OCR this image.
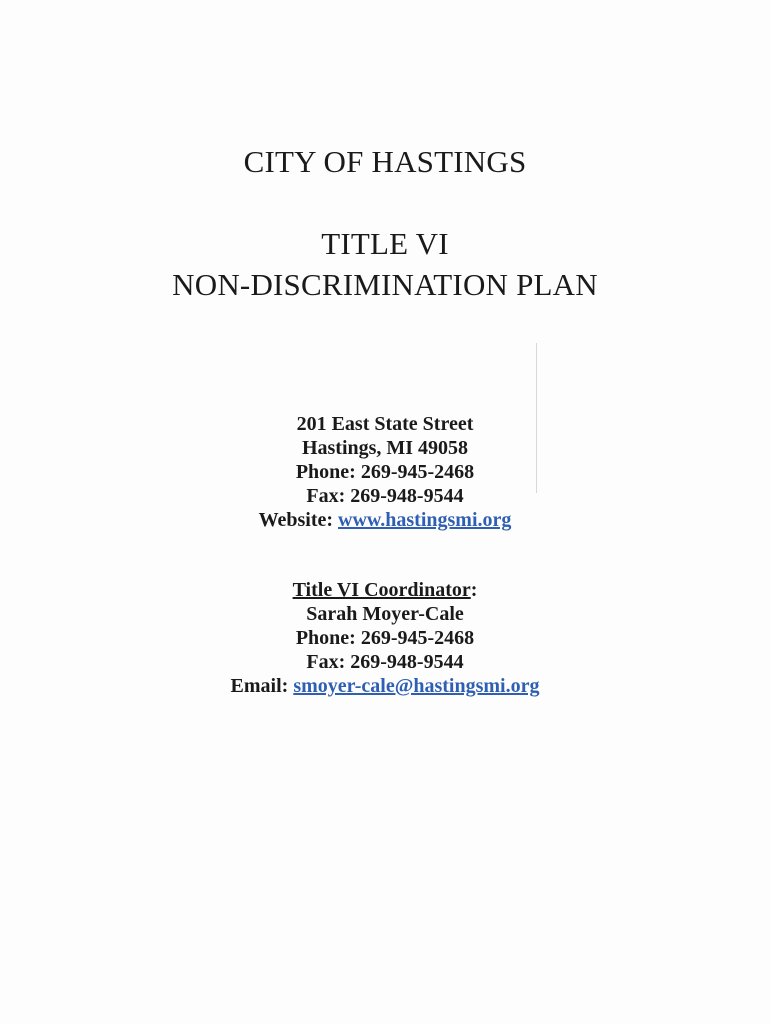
CITY OF HASTINGS
TITLE VI
NON-DISCRIMINATION PLAN
201 East State Street
Hastings, MI 49058
Phone: 269-945-2468
Fax: 269-948-9544
Website: www.hastingsmi.org
Title VI Coordinator:
Sarah Moyer-Cale
Phone: 269-945-2468
Fax: 269-948-9544
Email: smoyer-cale@hastingsmi.org
